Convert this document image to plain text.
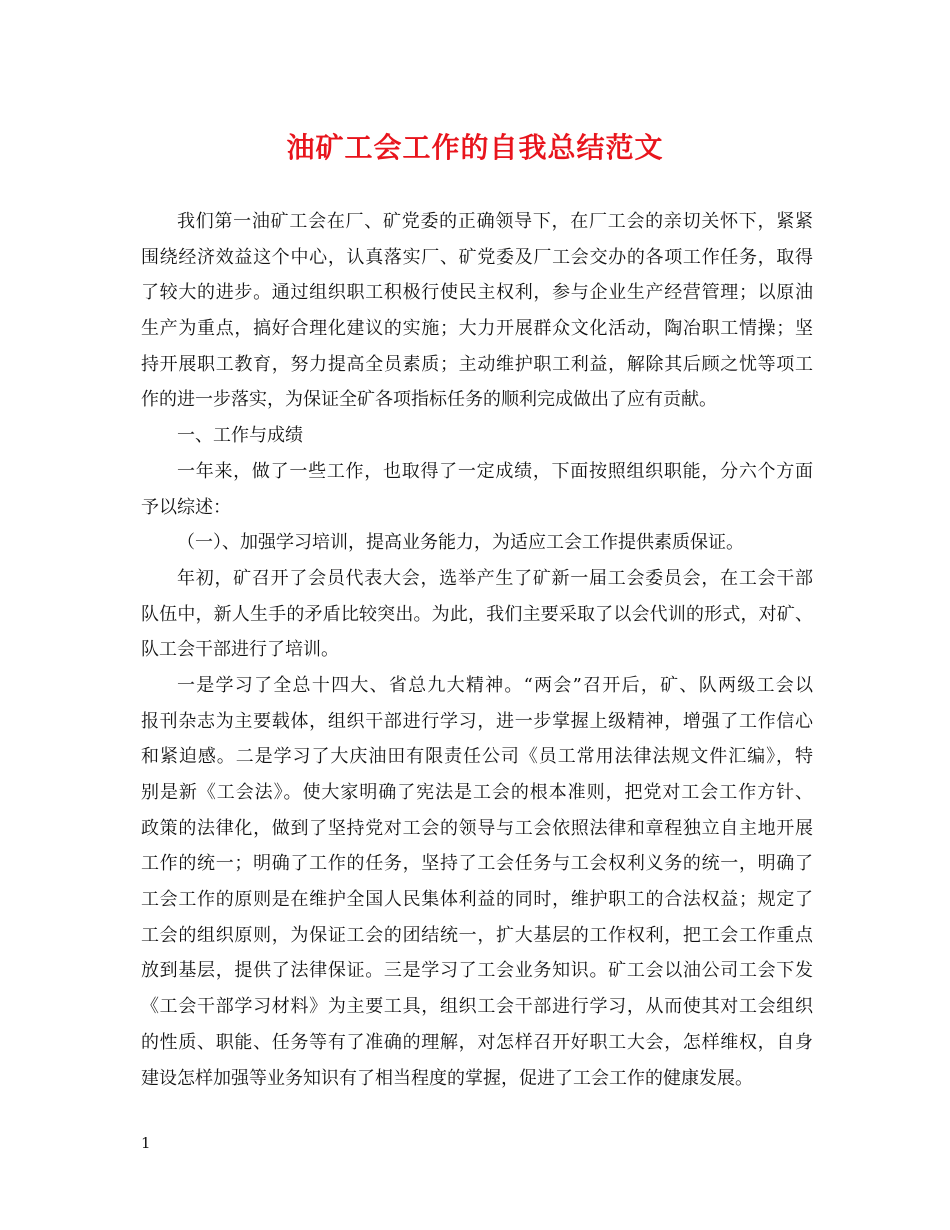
油矿工会工作的自我总结范文
我们第一油矿工会在厂、矿党委的正确领导下，在厂工会的亲切关怀下，紧紧
围绕经济效益这个中心，认真落实厂、矿党委及厂工会交办的各项工作任务，取得
了较大的进步。通过组织职工积极行使民主权利，参与企业生产经营管理；以原油
生产为重点，搞好合理化建议的实施；大力开展群众文化活动，陶冶职工情操；坚
持开展职工教育，努力提高全员素质；主动维护职工利益，解除其后顾之忧等项工
作的进一步落实，为保证全矿各项指标任务的顺利完成做出了应有贡献。
一、工作与成绩
一年来，做了一些工作，也取得了一定成绩，下面按照组织职能，分六个方面
予以综述：
（一）、加强学习培训，提高业务能力，为适应工会工作提供素质保证。
年初，矿召开了会员代表大会，选举产生了矿新一届工会委员会，在工会干部
队伍中，新人生手的矛盾比较突出。为此，我们主要采取了以会代训的形式，对矿、
队工会干部进行了培训。
一是学习了全总十四大、省总九大精神。“两会”召开后，矿、队两级工会以
报刊杂志为主要载体，组织干部进行学习，进一步掌握上级精神，增强了工作信心
和紧迫感。二是学习了大庆油田有限责任公司《员工常用法律法规文件汇编》，特
别是新《工会法》。使大家明确了宪法是工会的根本准则，把党对工会工作方针、
政策的法律化，做到了坚持党对工会的领导与工会依照法律和章程独立自主地开展
工作的统一；明确了工作的任务，坚持了工会任务与工会权利义务的统一，明确了
工会工作的原则是在维护全国人民集体利益的同时，维护职工的合法权益；规定了
工会的组织原则，为保证工会的团结统一，扩大基层的工作权利，把工会工作重点
放到基层，提供了法律保证。三是学习了工会业务知识。矿工会以油公司工会下发
《工会干部学习材料》为主要工具，组织工会干部进行学习，从而使其对工会组织
的性质、职能、任务等有了准确的理解，对怎样召开好职工大会，怎样维权，自身
建设怎样加强等业务知识有了相当程度的掌握，促进了工会工作的健康发展。
1
